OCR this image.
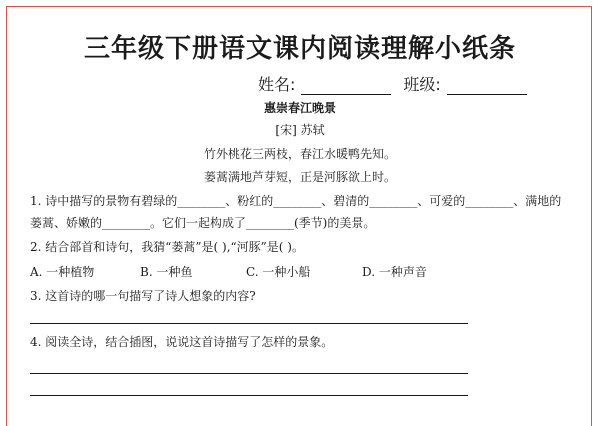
三年级下册语文课内阅读理解小纸条
姓名:	班级:
惠崇春江晚景
[宋] 苏轼
竹外桃花三两枝，春江水暖鸭先知。
蒌蒿满地芦芽短，正是河豚欲上时。
1. 诗中描写的景物有碧绿的________、粉红的________、碧清的________、可爱的________、满地的
蒌蒿、娇嫩的________。它们一起构成了________(季节)的美景。
2. 结合部首和诗句，我猜“蒌蒿”是( ),“河豚”是( )。
A. 一种植物	B. 一种鱼	C. 一种小船	D. 一种声音
3. 这首诗的哪一句描写了诗人想象的内容?
4. 阅读全诗，结合插图，说说这首诗描写了怎样的景象。
